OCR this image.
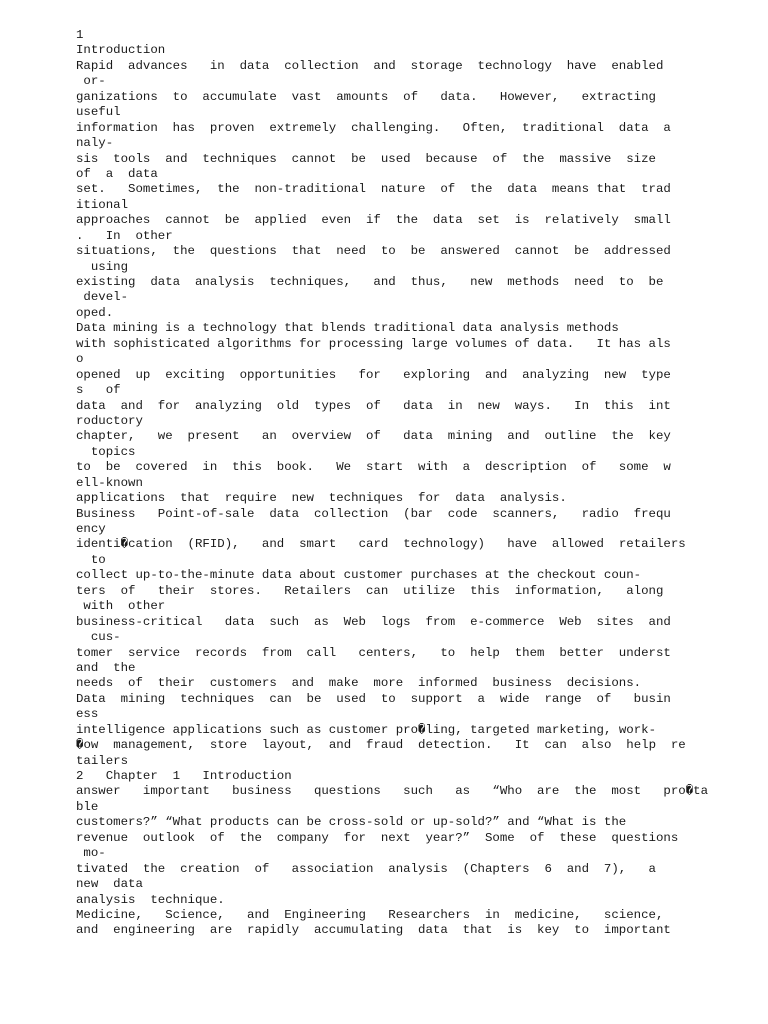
1
Introduction
Rapid  advances   in  data  collection  and  storage  technology  have  enabled
or-
ganizations  to  accumulate  vast  amounts  of   data.   However,   extracting
useful
information  has  proven  extremely  challenging.   Often,  traditional  data  a
naly-
sis  tools  and  techniques  cannot  be  used  because  of  the  massive  size
of  a  data
set.   Sometimes,  the  non-traditional  nature  of  the  data  means that  trad
itional
approaches  cannot  be  applied  even  if  the  data  set  is  relatively  small
.   In  other
situations,  the  questions  that  need  to  be  answered  cannot  be  addressed
using
existing  data  analysis  techniques,   and  thus,   new  methods  need  to  be
devel-
oped.
Data mining is a technology that blends traditional data analysis methods
with sophisticated algorithms for processing large volumes of data.   It has als
o
opened  up  exciting  opportunities   for   exploring  and  analyzing  new  type
s   of
data  and  for  analyzing  old  types  of   data  in  new  ways.   In  this  int
roductory
chapter,   we  present   an  overview  of   data  mining  and  outline  the  key
topics
to  be  covered  in  this  book.   We  start  with  a  description  of   some  w
ell-known
applications  that  require  new  techniques  for  data  analysis.
Business   Point-of-sale  data  collection  (bar  code  scanners,   radio  frequ
ency
identi�cation  (RFID),   and  smart   card  technology)   have  allowed  retailers
to
collect up-to-the-minute data about customer purchases at the checkout coun-
ters  of   their  stores.   Retailers  can  utilize  this  information,   along
with  other
business-critical   data  such  as  Web  logs  from  e-commerce  Web  sites  and
cus-
tomer  service  records  from  call   centers,   to  help  them  better  underst
and  the
needs  of  their  customers  and  make  more  informed  business  decisions.
Data  mining  techniques  can  be  used  to  support  a  wide  range  of   busin
ess
intelligence applications such as customer pro�ling, targeted marketing, work-
�ow  management,  store  layout,  and  fraud  detection.   It  can  also  help  re
tailers
2   Chapter  1   Introduction
answer   important   business   questions   such   as   “Who  are  the  most   pro�ta
ble
customers?” “What products can be cross-sold or up-sold?” and “What is the
revenue  outlook  of  the  company  for  next  year?”  Some  of  these  questions
mo-
tivated  the  creation  of   association  analysis  (Chapters  6  and  7),   a
new  data
analysis  technique.
Medicine,   Science,   and  Engineering   Researchers  in  medicine,   science,
and  engineering  are  rapidly  accumulating  data  that  is  key  to  important
